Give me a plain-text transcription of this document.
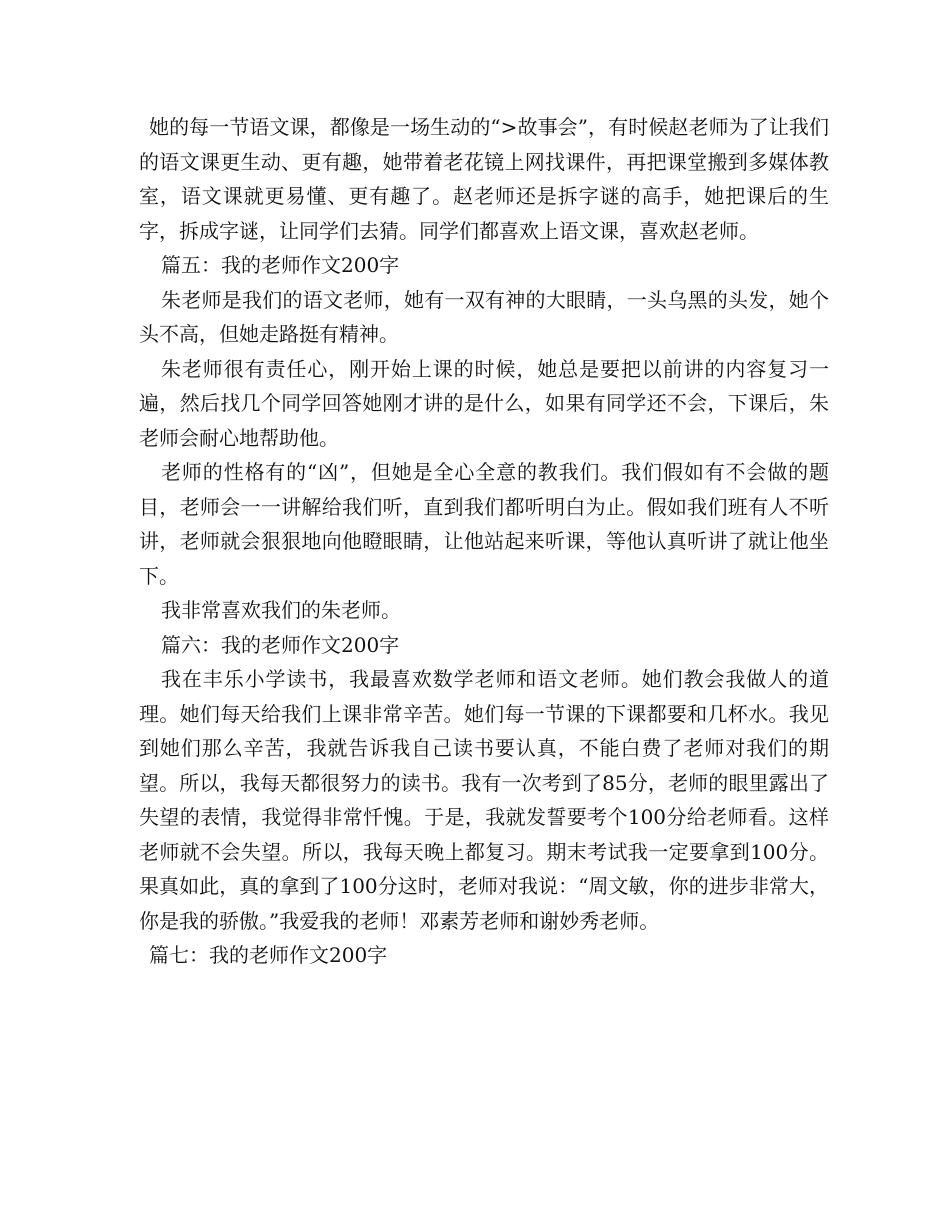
她的每一节语文课，都像是一场生动的“>故事会”，有时候赵老师为了让我们的语文课更生动、更有趣，她带着老花镜上网找课件，再把课堂搬到多媒体教室，语文课就更易懂、更有趣了。赵老师还是拆字谜的高手，她把课后的生字，拆成字谜，让同学们去猜。同学们都喜欢上语文课，喜欢赵老师。

篇五：我的老师作文200字

朱老师是我们的语文老师，她有一双有神的大眼睛，一头乌黑的头发，她个头不高，但她走路挺有精神。

朱老师很有责任心，刚开始上课的时候，她总是要把以前讲的内容复习一遍，然后找几个同学回答她刚才讲的是什么，如果有同学还不会，下课后，朱老师会耐心地帮助他。

老师的性格有的“凶”，但她是全心全意的教我们。我们假如有不会做的题目，老师会一一讲解给我们听，直到我们都听明白为止。假如我们班有人不听讲，老师就会狠狠地向他瞪眼睛，让他站起来听课，等他认真听讲了就让他坐下。

我非常喜欢我们的朱老师。

篇六：我的老师作文200字

我在丰乐小学读书，我最喜欢数学老师和语文老师。她们教会我做人的道理。她们每天给我们上课非常辛苦。她们每一节课的下课都要和几杯水。我见到她们那么辛苦，我就告诉我自己读书要认真，不能白费了老师对我们的期望。所以，我每天都很努力的读书。我有一次考到了85分，老师的眼里露出了失望的表情，我觉得非常忏愧。于是，我就发誓要考个100分给老师看。这样老师就不会失望。所以，我每天晚上都复习。期末考试我一定要拿到100分。果真如此，真的拿到了100分这时，老师对我说：“周文敏，你的进步非常大，你是我的骄傲。”我爱我的老师！邓素芳老师和谢妙秀老师。

篇七：我的老师作文200字
